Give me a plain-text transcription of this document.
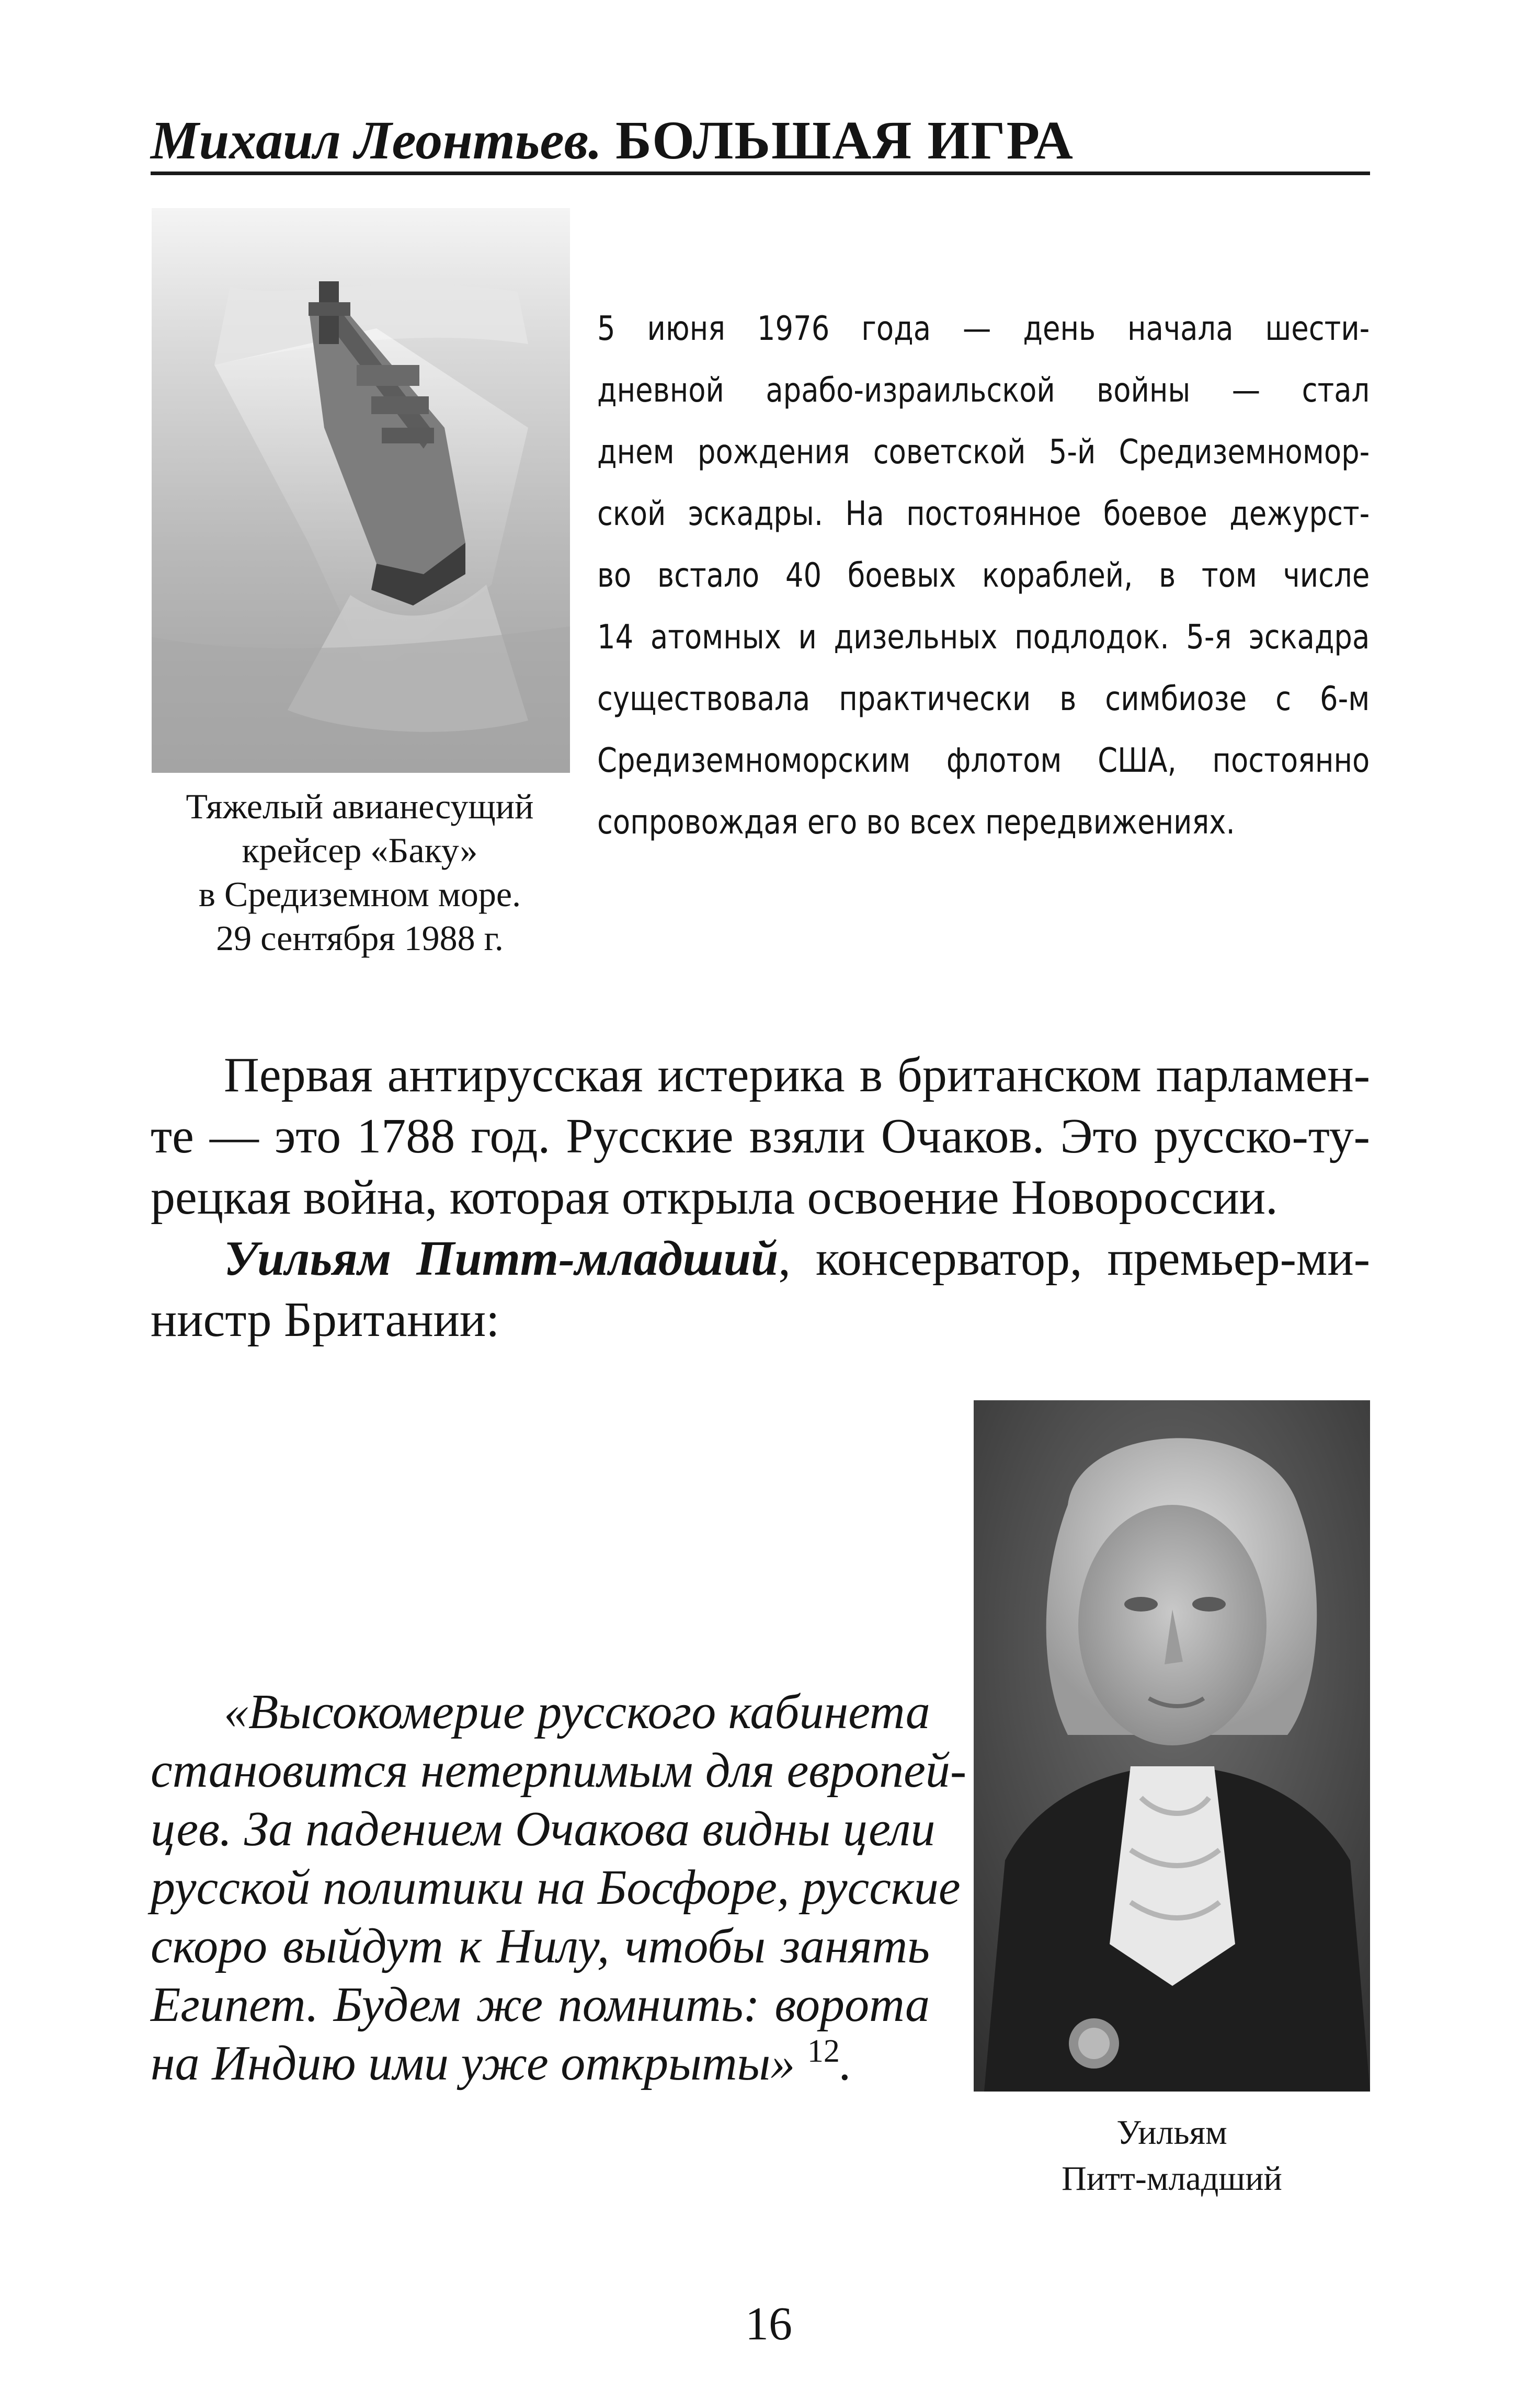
Михаил Леонтьев. БОЛЬШАЯ ИГРА
Тяжелый авианесущий
крейсер «Баку»
в Средиземном море.
29 сентября 1988 г.
5 июня 1976 года — день начала шести-
дневной арабо-израильской войны — стал
днем рождения советской 5-й Средиземномор-
ской эскадры. На постоянное боевое дежурст-
во встало 40 боевых кораблей, в том числе
14 атомных и дизельных подлодок. 5-я эскадра
существовала практически в симбиозе с 6-м
Средиземноморским флотом США, постоянно
сопровождая его во всех передвижениях.
Первая антирусская истерика в британском парламен-
те — это 1788 год. Русские взяли Очаков. Это русско-ту-
рецкая война, которая открыла освоение Новороссии.
Уильям Питт-младший, консерватор, премьер-ми-
нистр Британии:
«Высокомерие русского кабинета
становится нетерпимым для европей-
цев. За падением Очакова видны цели
русской политики на Босфоре, русские
скоро выйдут к Нилу, чтобы занять
Египет. Будем же помнить: ворота
на Индию ими уже открыты» $^{12}$.
Уильям
Питт-младший
16
